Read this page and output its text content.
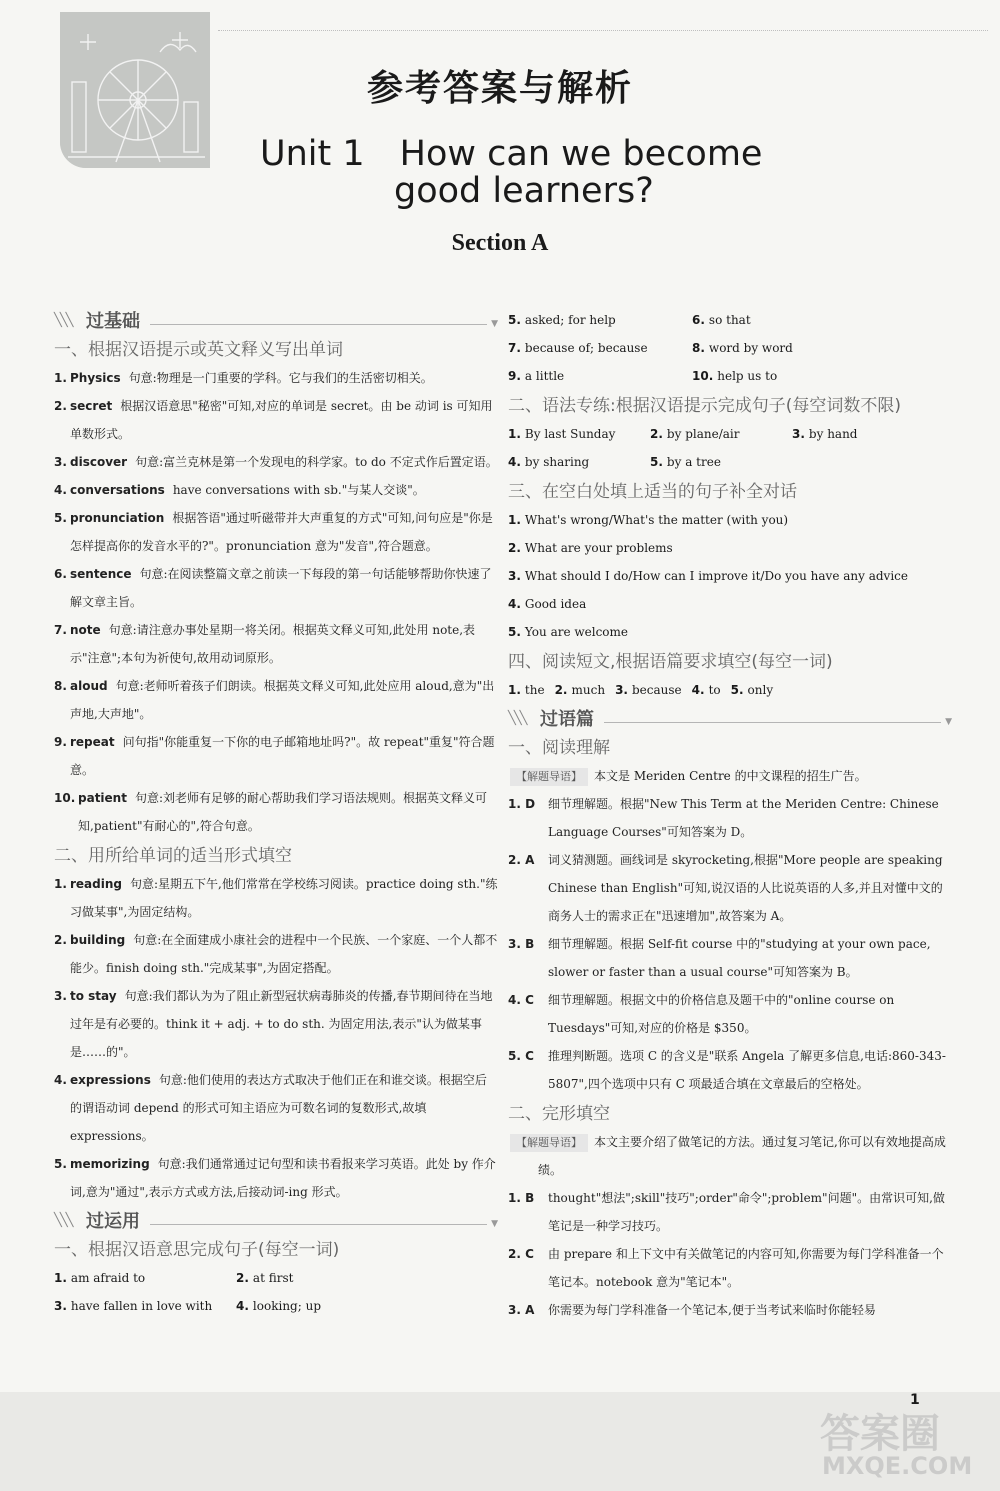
参考答案与解析
Unit 1　How can we become
good learners?
Section A
╲╲╲ 过基础	▼
一、根据汉语提示或英文释义写出单词
1. Physics 句意:物理是一门重要的学科。它与我们的生活密切相关。
2. secret 根据汉语意思"秘密"可知,对应的单词是 secret。由 be 动词 is 可知用单数形式。
3. discover 句意:富兰克林是第一个发现电的科学家。to do 不定式作后置定语。
4. conversations have conversations with sb."与某人交谈"。
5. pronunciation 根据答语"通过听磁带并大声重复的方式"可知,问句应是"你是怎样提高你的发音水平的?"。pronunciation 意为"发音",符合题意。
6. sentence 句意:在阅读整篇文章之前读一下每段的第一句话能够帮助你快速了解文章主旨。
7. note 句意:请注意办事处星期一将关闭。根据英文释义可知,此处用 note,表示"注意";本句为祈使句,故用动词原形。
8. aloud 句意:老师听着孩子们朗读。根据英文释义可知,此处应用 aloud,意为"出声地,大声地"。
9. repeat 问句指"你能重复一下你的电子邮箱地址吗?"。故 repeat"重复"符合题意。
10. patient 句意:刘老师有足够的耐心帮助我们学习语法规则。根据英文释义可知,patient"有耐心的",符合句意。
二、用所给单词的适当形式填空
1. reading 句意:星期五下午,他们常常在学校练习阅读。practice doing sth."练习做某事",为固定结构。
2. building 句意:在全面建成小康社会的进程中一个民族、一个家庭、一个人都不能少。finish doing sth."完成某事",为固定搭配。
3. to stay 句意:我们都认为为了阻止新型冠状病毒肺炎的传播,春节期间待在当地过年是有必要的。think it + adj. + to do sth. 为固定用法,表示"认为做某事是……的"。
4. expressions 句意:他们使用的表达方式取决于他们正在和谁交谈。根据空后的谓语动词 depend 的形式可知主语应为可数名词的复数形式,故填 expressions。
5. memorizing 句意:我们通常通过记句型和读书看报来学习英语。此处 by 作介词,意为"通过",表示方式或方法,后接动词-ing 形式。
╲╲╲ 过运用	▼
一、根据汉语意思完成句子(每空一词)
1. am afraid to	2. at first
3. have fallen in love with	4. looking; up
5. asked; for help	6. so that
7. because of; because	8. word by word
9. a little	10. help us to
二、语法专练:根据汉语提示完成句子(每空词数不限)
1. By last Sunday	2. by plane/air	3. by hand
4. by sharing	5. by a tree
三、在空白处填上适当的句子补全对话
1. What's wrong/What's the matter (with you)
2. What are your problems
3. What should I do/How can I improve it/Do you have any advice
4. Good idea
5. You are welcome
四、阅读短文,根据语篇要求填空(每空一词)
1. the 2. much 3. because 4. to 5. only
╲╲╲ 过语篇	▼
一、阅读理解
【解题导语】 本文是 Meriden Centre 的中文课程的招生广告。
1. D 细节理解题。根据"New This Term at the Meriden Centre: Chinese Language Courses"可知答案为 D。
2. A 词义猜测题。画线词是 skyrocketing,根据"More people are speaking Chinese than English"可知,说汉语的人比说英语的人多,并且对懂中文的商务人士的需求正在"迅速增加",故答案为 A。
3. B 细节理解题。根据 Self-fit course 中的"studying at your own pace, slower or faster than a usual course"可知答案为 B。
4. C 细节理解题。根据文中的价格信息及题干中的"online course on Tuesdays"可知,对应的价格是 $350。
5. C 推理判断题。选项 C 的含义是"联系 Angela 了解更多信息,电话:860-343-5807",四个选项中只有 C 项最适合填在文章最后的空格处。
二、完形填空
【解题导语】 本文主要介绍了做笔记的方法。通过复习笔记,你可以有效地提高成绩。
1. B thought"想法";skill"技巧";order"命令";problem"问题"。由常识可知,做笔记是一种学习技巧。
2. C 由 prepare 和上下文中有关做笔记的内容可知,你需要为每门学科准备一个笔记本。notebook 意为"笔记本"。
3. A 你需要为每门学科准备一个笔记本,便于当考试来临时你能轻易
1
答案圈
MXQE.COM
